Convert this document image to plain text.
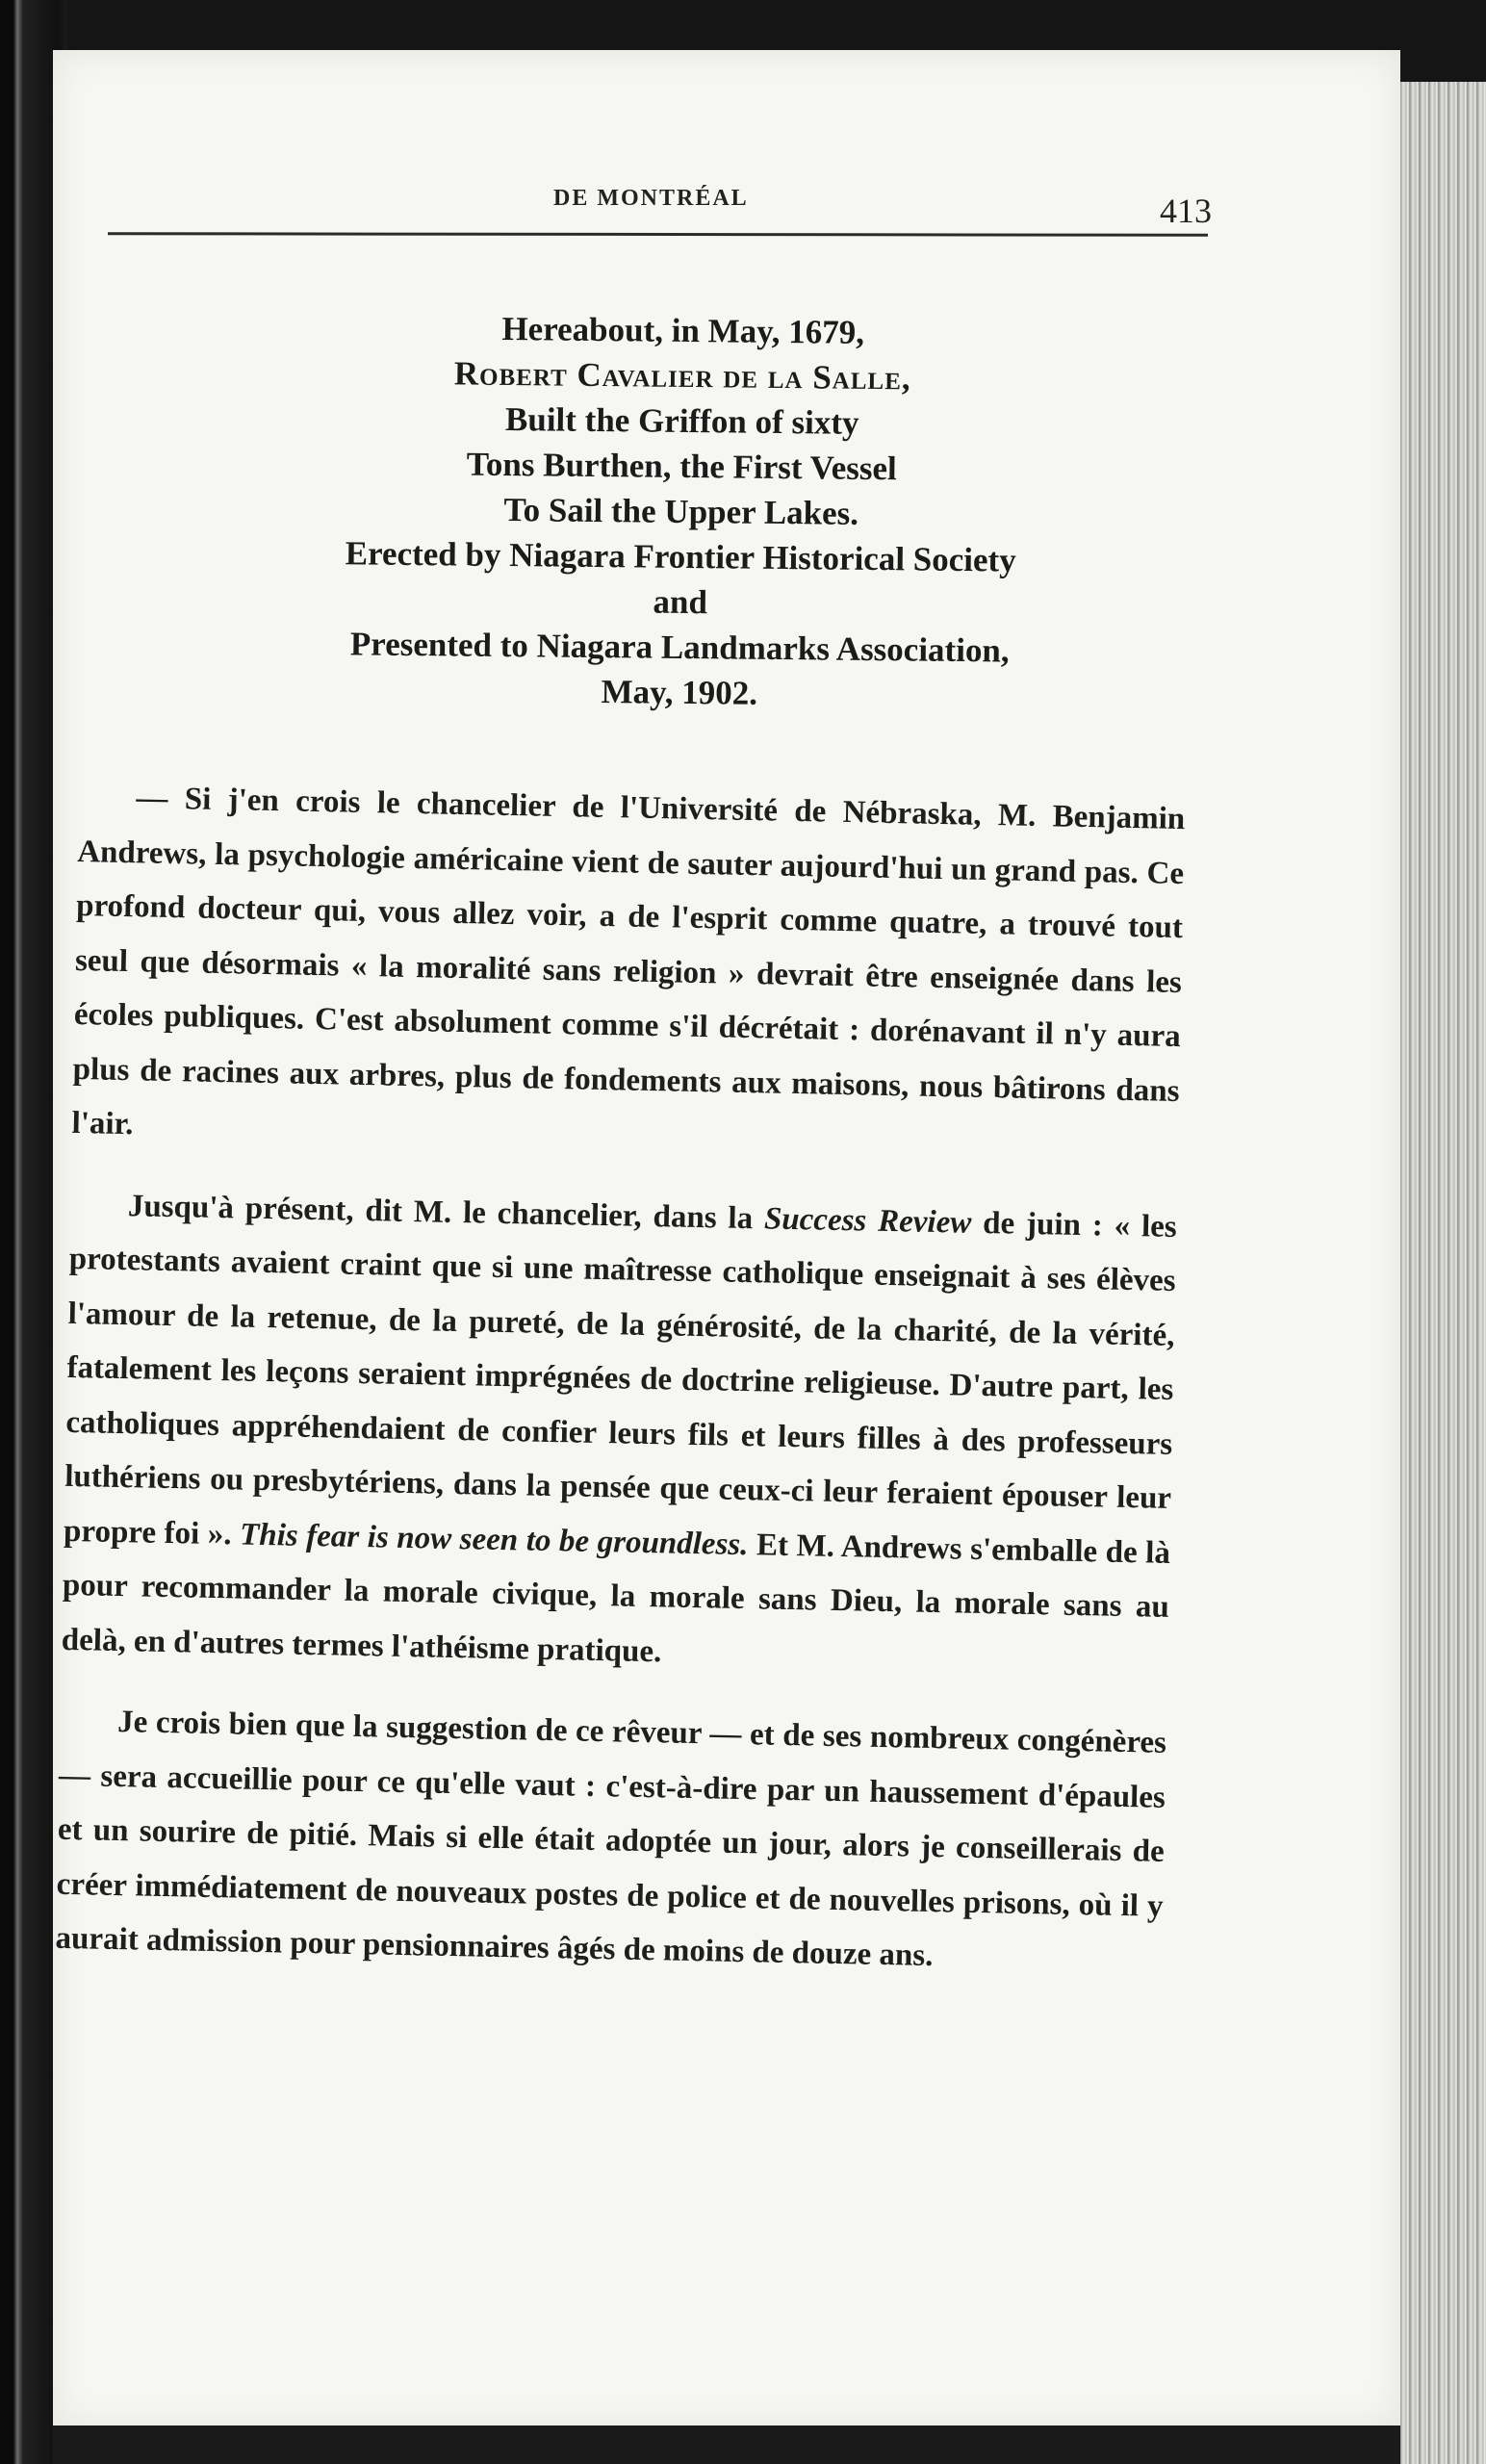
DE MONTRÉAL	413
Hereabout, in May, 1679,
Robert Cavalier de la Salle,
Built the Griffon of sixty
Tons Burthen, the First Vessel
To Sail the Upper Lakes.
Erected by Niagara Frontier Historical Society
and
Presented to Niagara Landmarks Association,
May, 1902.

— Si j'en crois le chancelier de l'Université de Nébraska, M. Benjamin Andrews, la psychologie américaine vient de sauter aujourd'hui un grand pas. Ce profond docteur qui, vous allez voir, a de l'esprit comme quatre, a trouvé tout seul que désormais « la moralité sans religion » devrait être enseignée dans les écoles publiques. C'est absolument comme s'il décrétait : dorénavant il n'y aura plus de racines aux arbres, plus de fondements aux maisons, nous bâtirons dans l'air.

Jusqu'à présent, dit M. le chancelier, dans la Success Review de juin : « les protestants avaient craint que si une maîtresse catholique enseignait à ses élèves l'amour de la retenue, de la pureté, de la générosité, de la charité, de la vérité, fatalement les leçons seraient imprégnées de doctrine religieuse. D'autre part, les catholiques appréhendaient de confier leurs fils et leurs filles à des professeurs luthériens ou presbytériens, dans la pensée que ceux-ci leur feraient épouser leur propre foi ». This fear is now seen to be groundless. Et M. Andrews s'emballe de là pour recommander la morale civique, la morale sans Dieu, la morale sans au delà, en d'autres termes l'athéisme pratique.

Je crois bien que la suggestion de ce rêveur — et de ses nombreux congénères — sera accueillie pour ce qu'elle vaut : c'est-à-dire par un haussement d'épaules et un sourire de pitié. Mais si elle était adoptée un jour, alors je conseillerais de créer immédiatement de nouveaux postes de police et de nouvelles prisons, où il y aurait admission pour pensionnaires âgés de moins de douze ans.
